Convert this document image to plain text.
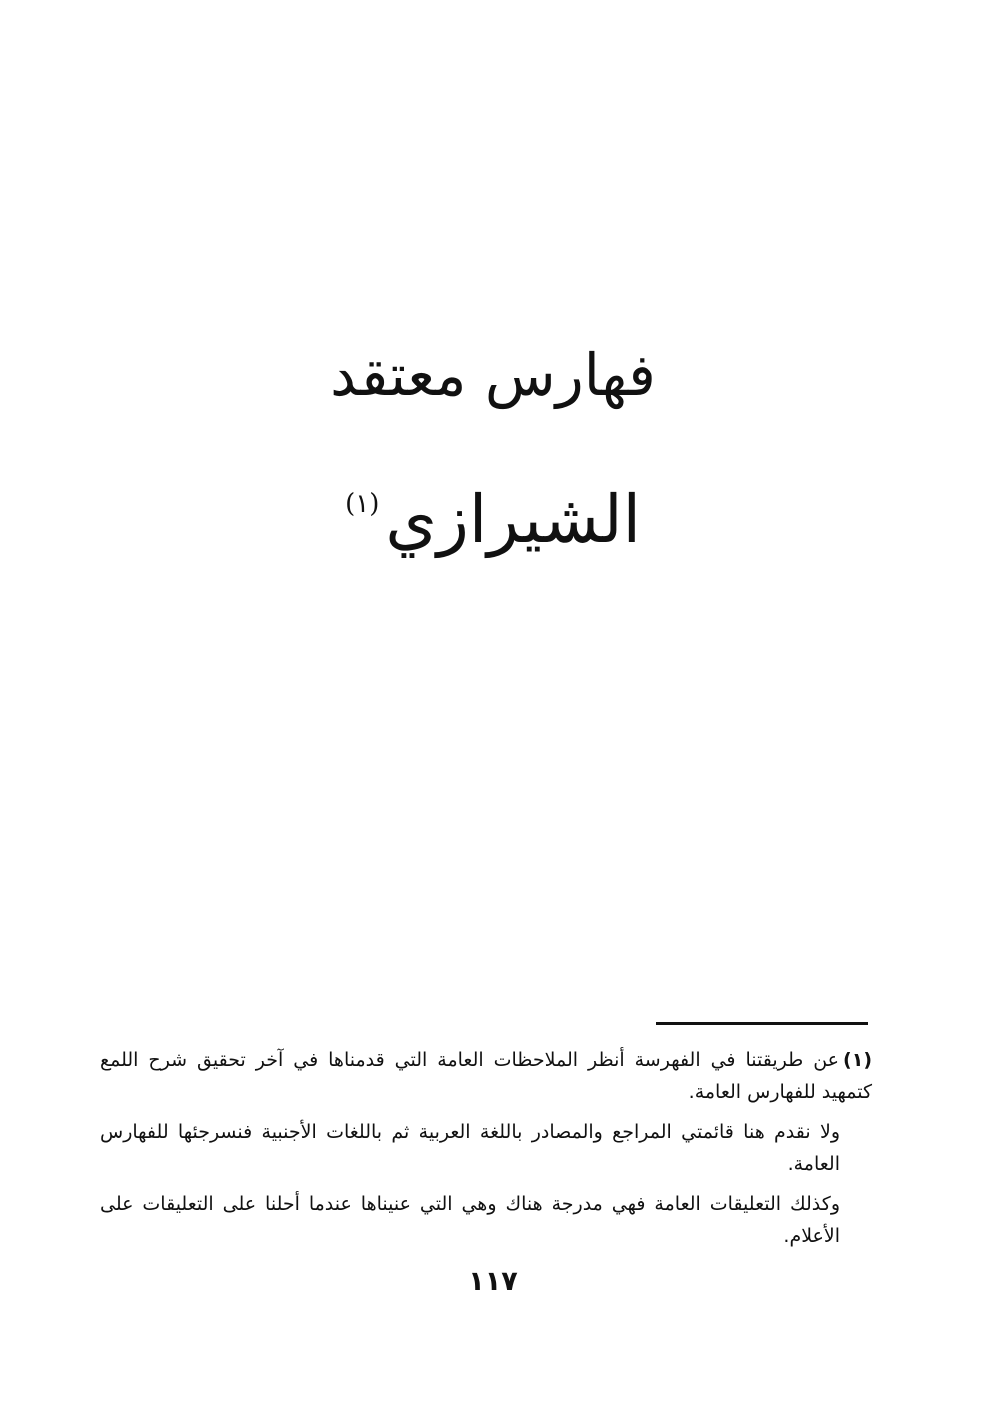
فهارس معتقد
الشيرازي$^{(١)}$

(١)عن طريقتنا في الفهرسة أنظر الملاحظات العامة التي قدمناها في آخر تحقيق شرح اللمع كتمهيد للفهارس العامة.

ولا نقدم هنا قائمتي المراجع والمصادر باللغة العربية ثم باللغات الأجنبية فنسرجئها للفهارس العامة.

وكذلك التعليقات العامة فهي مدرجة هناك وهي التي عنيناها عندما أحلنا على التعليقات على الأعلام.

١١٧
